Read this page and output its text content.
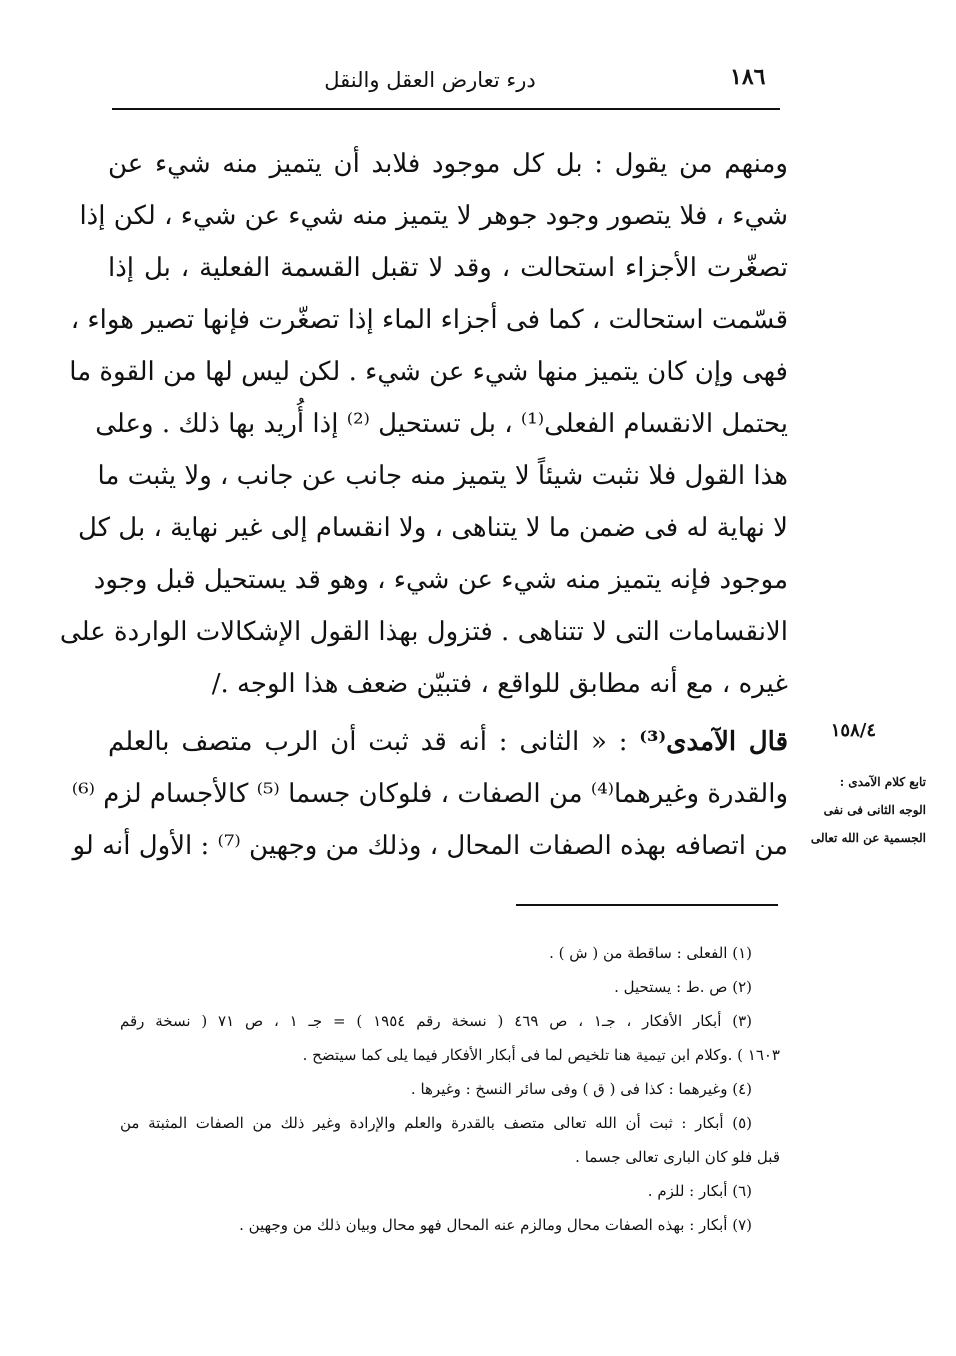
١٨٦
درء تعارض العقل والنقل
ومنهم من يقول : بل كل موجود فلابد أن يتميز منه شيء عن
شيء ، فلا يتصور وجود جوهر لا يتميز منه شيء عن شيء ، لكن إذا
تصغّرت الأجزاء استحالت ، وقد لا تقبل القسمة الفعلية ، بل إذا
قسّمت استحالت ، كما فى أجزاء الماء إذا تصغّرت فإنها تصير هواء ،
فهى وإن كان يتميز منها شيء عن شيء . لكن ليس لها من القوة ما
يحتمل الانقسام الفعلى⁽¹⁾ ، بل تستحيل ⁽²⁾ إذا أُريد بها ذلك . وعلى
هذا القول فلا نثبت شيئاً لا يتميز منه جانب عن جانب ، ولا يثبت ما
لا نهاية له فى ضمن ما لا يتناهى ، ولا انقسام إلى غير نهاية ، بل كل
موجود فإنه يتميز منه شيء عن شيء ، وهو قد يستحيل قبل وجود
الانقسامات التى لا تتناهى . فتزول بهذا القول الإشكالات الواردة على
غيره ، مع أنه مطابق للواقع ، فتبيّن ضعف هذا الوجه ./
قال الآمدى⁽³⁾ : « الثانى : أنه قد ثبت أن الرب متصف بالعلم
والقدرة وغيرهما⁽⁴⁾ من الصفات ، فلوكان جسما ⁽⁵⁾ كالأجسام لزم ⁽⁶⁾
من اتصافه بهذه الصفات المحال ، وذلك من وجهين ⁽⁷⁾ : الأول أنه لو
١٥٨/٤
تابع كلام الآمدى :
الوجه الثانى فى نفى
الجسمية عن الله تعالى
(١) الفعلى : ساقطة من ( ش ) .
(٢) ص .ط : يستحيل .
(٣) أبكار الأفكار ، جـ١ ، ص ٤٦٩ ( نسخة رقم ١٩٥٤ ) = جـ ١ ، ص ٧١ ( نسخة رقم
١٦٠٣ ) .وكلام ابن تيمية هنا تلخيص لما فى أبكار الأفكار فيما يلى كما سيتضح .
(٤) وغيرهما : كذا فى ( ق ) وفى سائر النسخ : وغيرها .
(٥) أبكار : ثبت أن الله تعالى متصف بالقدرة والعلم والإرادة وغير ذلك من الصفات المثبتة من
قبل فلو كان البارى تعالى جسما .
(٦) أبكار : للزم .
(٧) أبكار : بهذه الصفات محال ومالزم عنه المحال فهو محال وبيان ذلك من وجهين .
